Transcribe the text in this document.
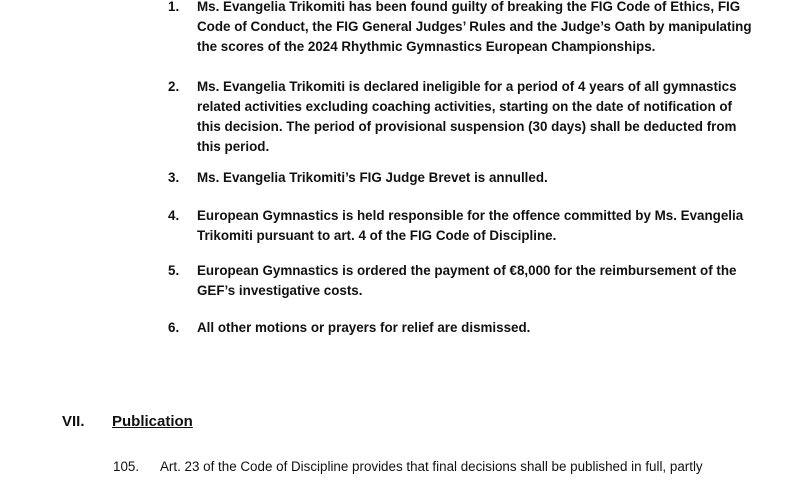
1.	Ms. Evangelia Trikomiti has been found guilty of breaking the FIG Code of Ethics, FIG
Code of Conduct, the FIG General Judges’ Rules and the Judge’s Oath by manipulating
the scores of the 2024 Rhythmic Gymnastics European Championships.
2.	Ms. Evangelia Trikomiti is declared ineligible for a period of 4 years of all gymnastics
related activities excluding coaching activities, starting on the date of notification of
this decision. The period of provisional suspension (30 days) shall be deducted from
this period.
3.	Ms. Evangelia Trikomiti’s FIG Judge Brevet is annulled.
4.	European Gymnastics is held responsible for the offence committed by Ms. Evangelia
Trikomiti pursuant to art. 4 of the FIG Code of Discipline.
5.	European Gymnastics is ordered the payment of €8,000 for the reimbursement of the
GEF’s investigative costs.
6.	All other motions or prayers for relief are dismissed.
VII. Publication
105. Art. 23 of the Code of Discipline provides that final decisions shall be published in full, partly
